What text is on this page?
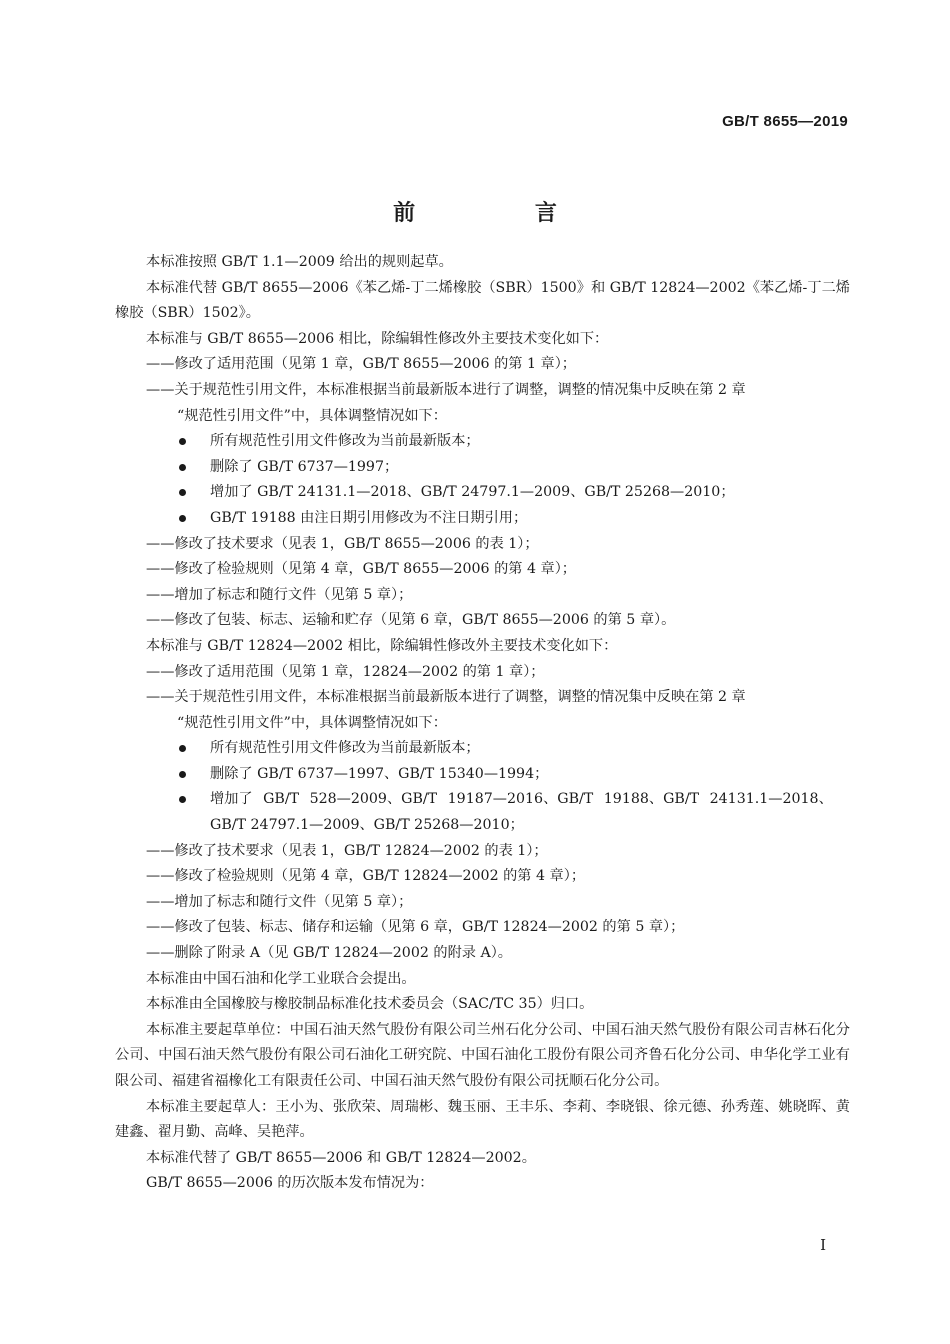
GB/T 8655—2019
前 言

本标准按照 GB/T 1.1—2009 给出的规则起草。

本标准代替 GB/T 8655—2006《苯乙烯-丁二烯橡胶（SBR）1500》和 GB/T 12824—2002《苯乙烯-丁二烯橡胶（SBR）1502》。

本标准与 GB/T 8655—2006 相比，除编辑性修改外主要技术变化如下：

——修改了适用范围（见第 1 章，GB/T 8655—2006 的第 1 章）；

——关于规范性引用文件，本标准根据当前最新版本进行了调整，调整的情况集中反映在第 2 章

“规范性引用文件”中，具体调整情况如下：

所有规范性引用文件修改为当前最新版本；

删除了 GB/T 6737—1997；

增加了 GB/T 24131.1—2018、GB/T 24797.1—2009、GB/T 25268—2010；

GB/T 19188 由注日期引用修改为不注日期引用；

——修改了技术要求（见表 1，GB/T 8655—2006 的表 1）；

——修改了检验规则（见第 4 章，GB/T 8655—2006 的第 4 章）；

——增加了标志和随行文件（见第 5 章）；

——修改了包装、标志、运输和贮存（见第 6 章，GB/T 8655—2006 的第 5 章）。

本标准与 GB/T 12824—2002 相比，除编辑性修改外主要技术变化如下：

——修改了适用范围（见第 1 章，12824—2002 的第 1 章）；

——关于规范性引用文件，本标准根据当前最新版本进行了调整，调整的情况集中反映在第 2 章

“规范性引用文件”中，具体调整情况如下：

所有规范性引用文件修改为当前最新版本；

删除了 GB/T 6737—1997、GB/T 15340—1994；

增加了 GB/T 528—2009、GB/T 19187—2016、GB/T 19188、GB/T 24131.1—2018、

GB/T 24797.1—2009、GB/T 25268—2010；

——修改了技术要求（见表 1，GB/T 12824—2002 的表 1）；

——修改了检验规则（见第 4 章，GB/T 12824—2002 的第 4 章）；

——增加了标志和随行文件（见第 5 章）；

——修改了包装、标志、储存和运输（见第 6 章，GB/T 12824—2002 的第 5 章）；

——删除了附录 A（见 GB/T 12824—2002 的附录 A）。

本标准由中国石油和化学工业联合会提出。

本标准由全国橡胶与橡胶制品标准化技术委员会（SAC/TC 35）归口。

本标准主要起草单位：中国石油天然气股份有限公司兰州石化分公司、中国石油天然气股份有限公司吉林石化分公司、中国石油天然气股份有限公司石油化工研究院、中国石油化工股份有限公司齐鲁石化分公司、申华化学工业有限公司、福建省福橡化工有限责任公司、中国石油天然气股份有限公司抚顺石化分公司。

本标准主要起草人：王小为、张欣荣、周瑞彬、魏玉丽、王丰乐、李莉、李晓银、徐元德、孙秀莲、姚晓晖、黄建鑫、翟月勤、高峰、吴艳萍。

本标准代替了 GB/T 8655—2006 和 GB/T 12824—2002。

GB/T 8655—2006 的历次版本发布情况为：

I
